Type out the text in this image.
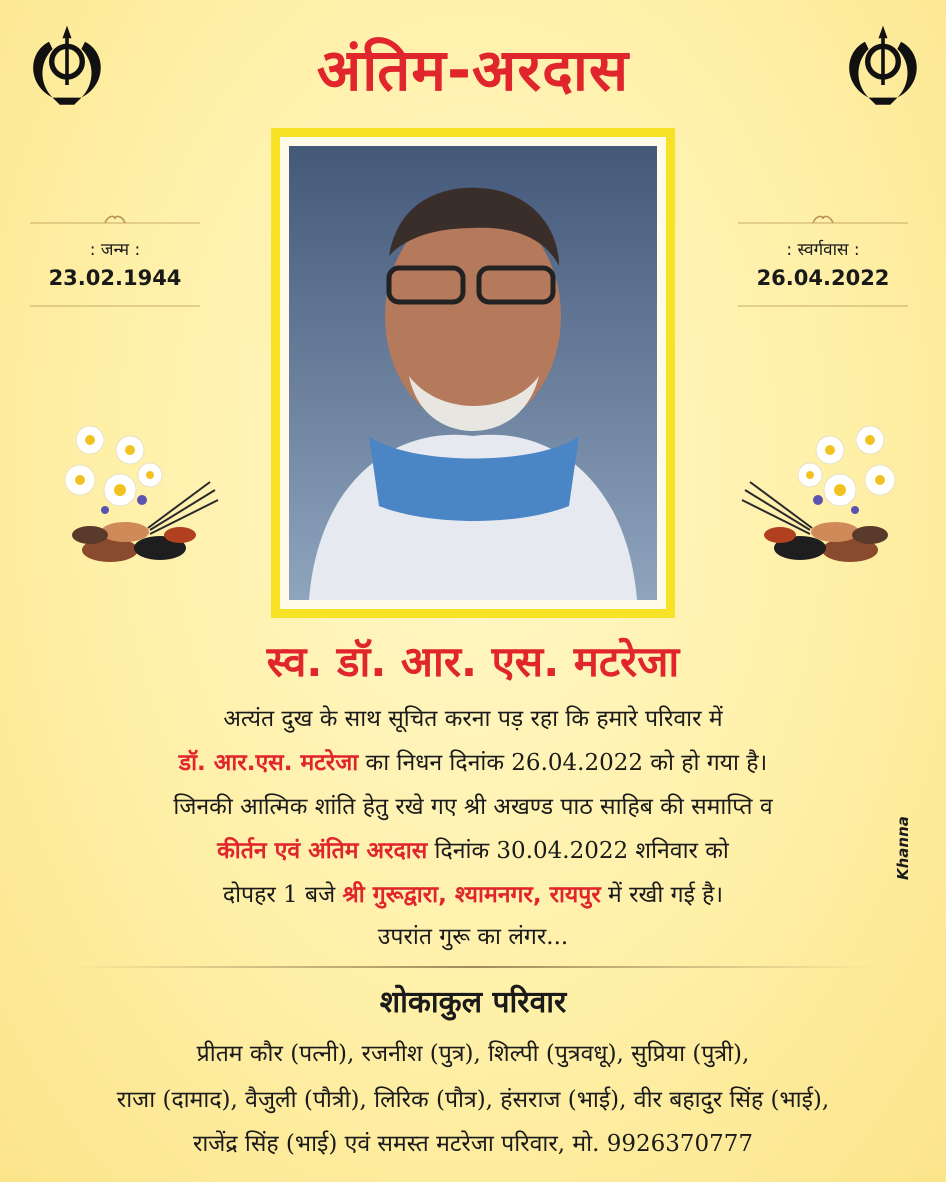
अंतिम-अरदास
: जन्म :
23.02.1944
: स्वर्गवास :
26.04.2022
स्व. डॉ. आर. एस. मटरेजा
अत्यंत दुख के साथ सूचित करना पड़ रहा कि हमारे परिवार में
डॉ. आर.एस. मटरेजा का निधन दिनांक 26.04.2022 को हो गया है।
जिनकी आत्मिक शांति हेतु रखे गए श्री अखण्ड पाठ साहिब की समाप्ति व
कीर्तन एवं अंतिम अरदास दिनांक 30.04.2022 शनिवार को
दोपहर 1 बजे श्री गुरूद्वारा, श्यामनगर, रायपुर में रखी गई है।
उपरांत गुरू का लंगर...
शोकाकुल परिवार
प्रीतम कौर (पत्नी), रजनीश (पुत्र), शिल्पी (पुत्रवधू), सुप्रिया (पुत्री),
राजा (दामाद), वैजुली (पौत्री), लिरिक (पौत्र), हंसराज (भाई), वीर बहादुर सिंह (भाई),
राजेंद्र सिंह (भाई) एवं समस्त मटरेजा परिवार, मो. 9926370777
Khanna
